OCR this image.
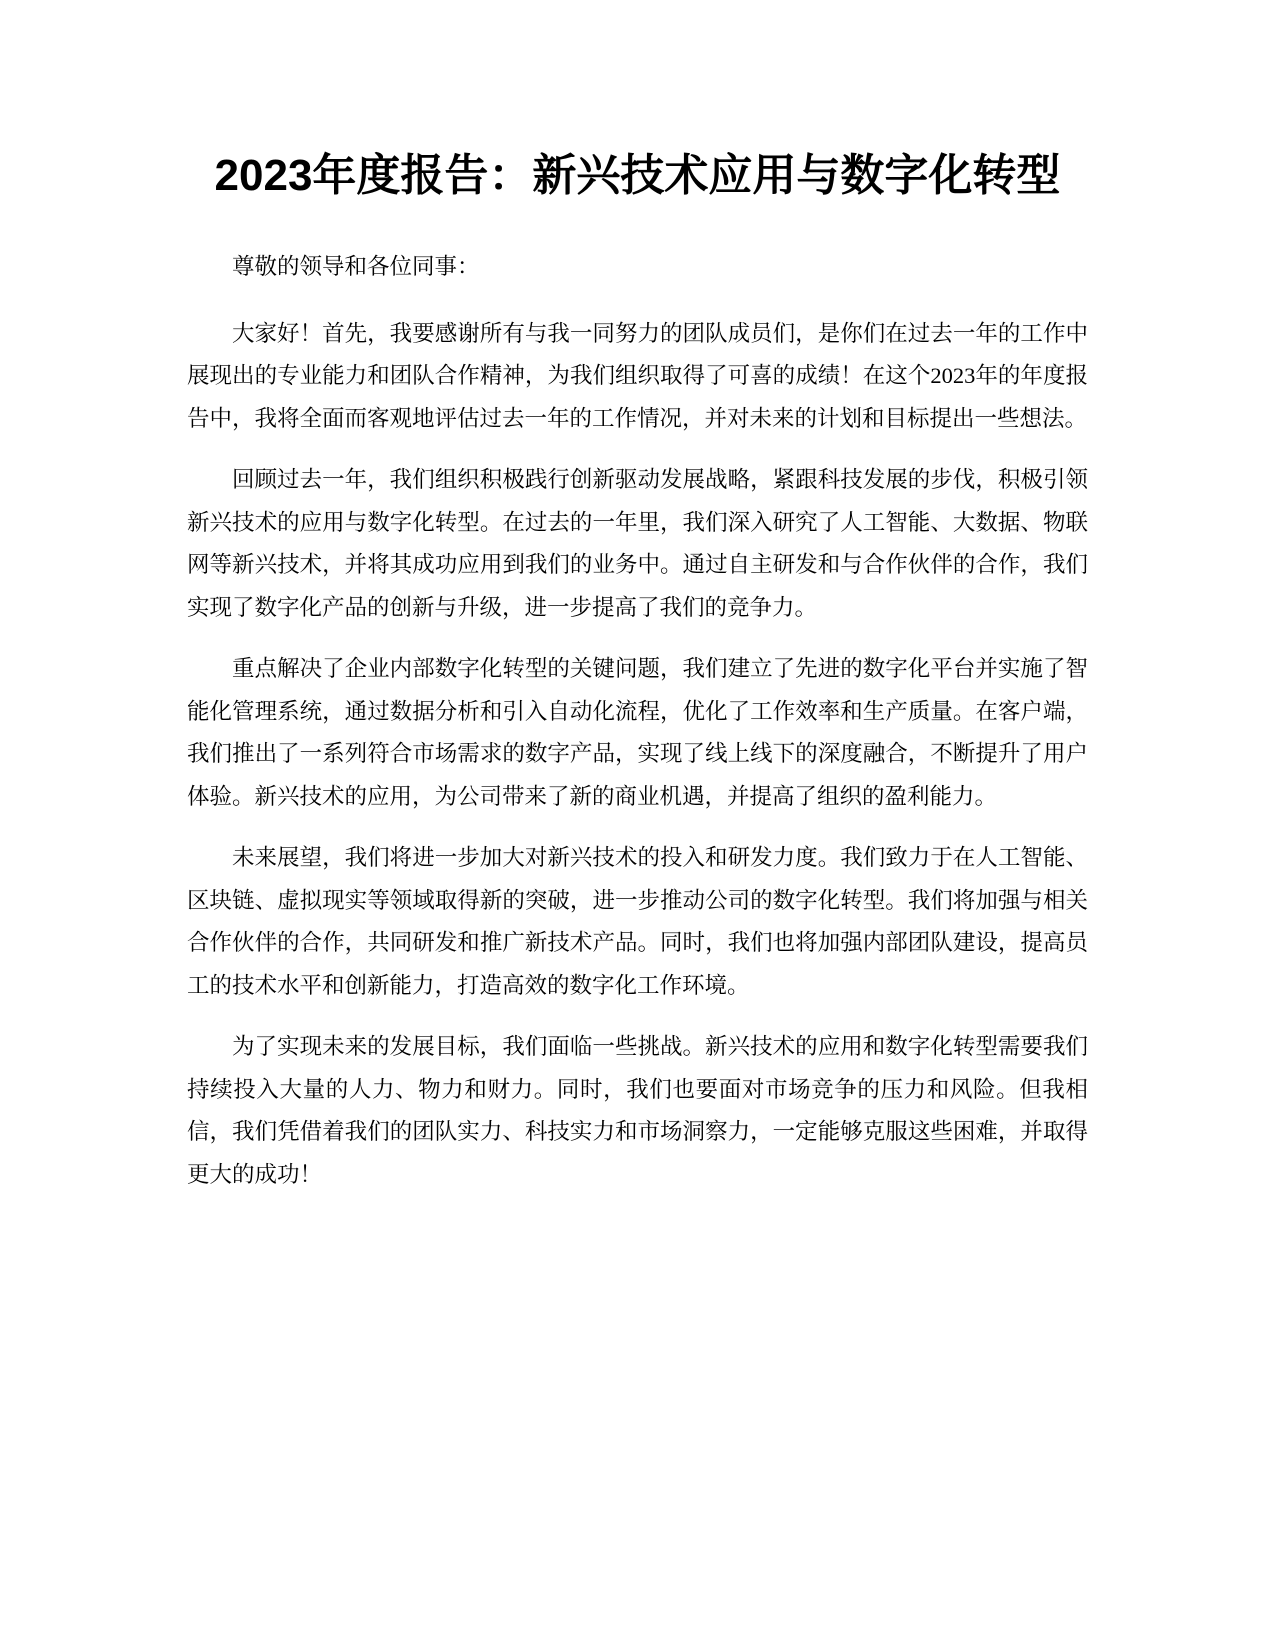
2023年度报告：新兴技术应用与数字化转型

尊敬的领导和各位同事：

大家好！首先，我要感谢所有与我一同努力的团队成员们，是你们在过去一年的工作中展现出的专业能力和团队合作精神，为我们组织取得了可喜的成绩！在这个2023年的年度报告中，我将全面而客观地评估过去一年的工作情况，并对未来的计划和目标提出一些想法。

回顾过去一年，我们组织积极践行创新驱动发展战略，紧跟科技发展的步伐，积极引领新兴技术的应用与数字化转型。在过去的一年里，我们深入研究了人工智能、大数据、物联网等新兴技术，并将其成功应用到我们的业务中。通过自主研发和与合作伙伴的合作，我们实现了数字化产品的创新与升级，进一步提高了我们的竞争力。

重点解决了企业内部数字化转型的关键问题，我们建立了先进的数字化平台并实施了智能化管理系统，通过数据分析和引入自动化流程，优化了工作效率和生产质量。在客户端，我们推出了一系列符合市场需求的数字产品，实现了线上线下的深度融合，不断提升了用户体验。新兴技术的应用，为公司带来了新的商业机遇，并提高了组织的盈利能力。

未来展望，我们将进一步加大对新兴技术的投入和研发力度。我们致力于在人工智能、区块链、虚拟现实等领域取得新的突破，进一步推动公司的数字化转型。我们将加强与相关合作伙伴的合作，共同研发和推广新技术产品。同时，我们也将加强内部团队建设，提高员工的技术水平和创新能力，打造高效的数字化工作环境。

为了实现未来的发展目标，我们面临一些挑战。新兴技术的应用和数字化转型需要我们持续投入大量的人力、物力和财力。同时，我们也要面对市场竞争的压力和风险。但我相信，我们凭借着我们的团队实力、科技实力和市场洞察力，一定能够克服这些困难，并取得更大的成功！
